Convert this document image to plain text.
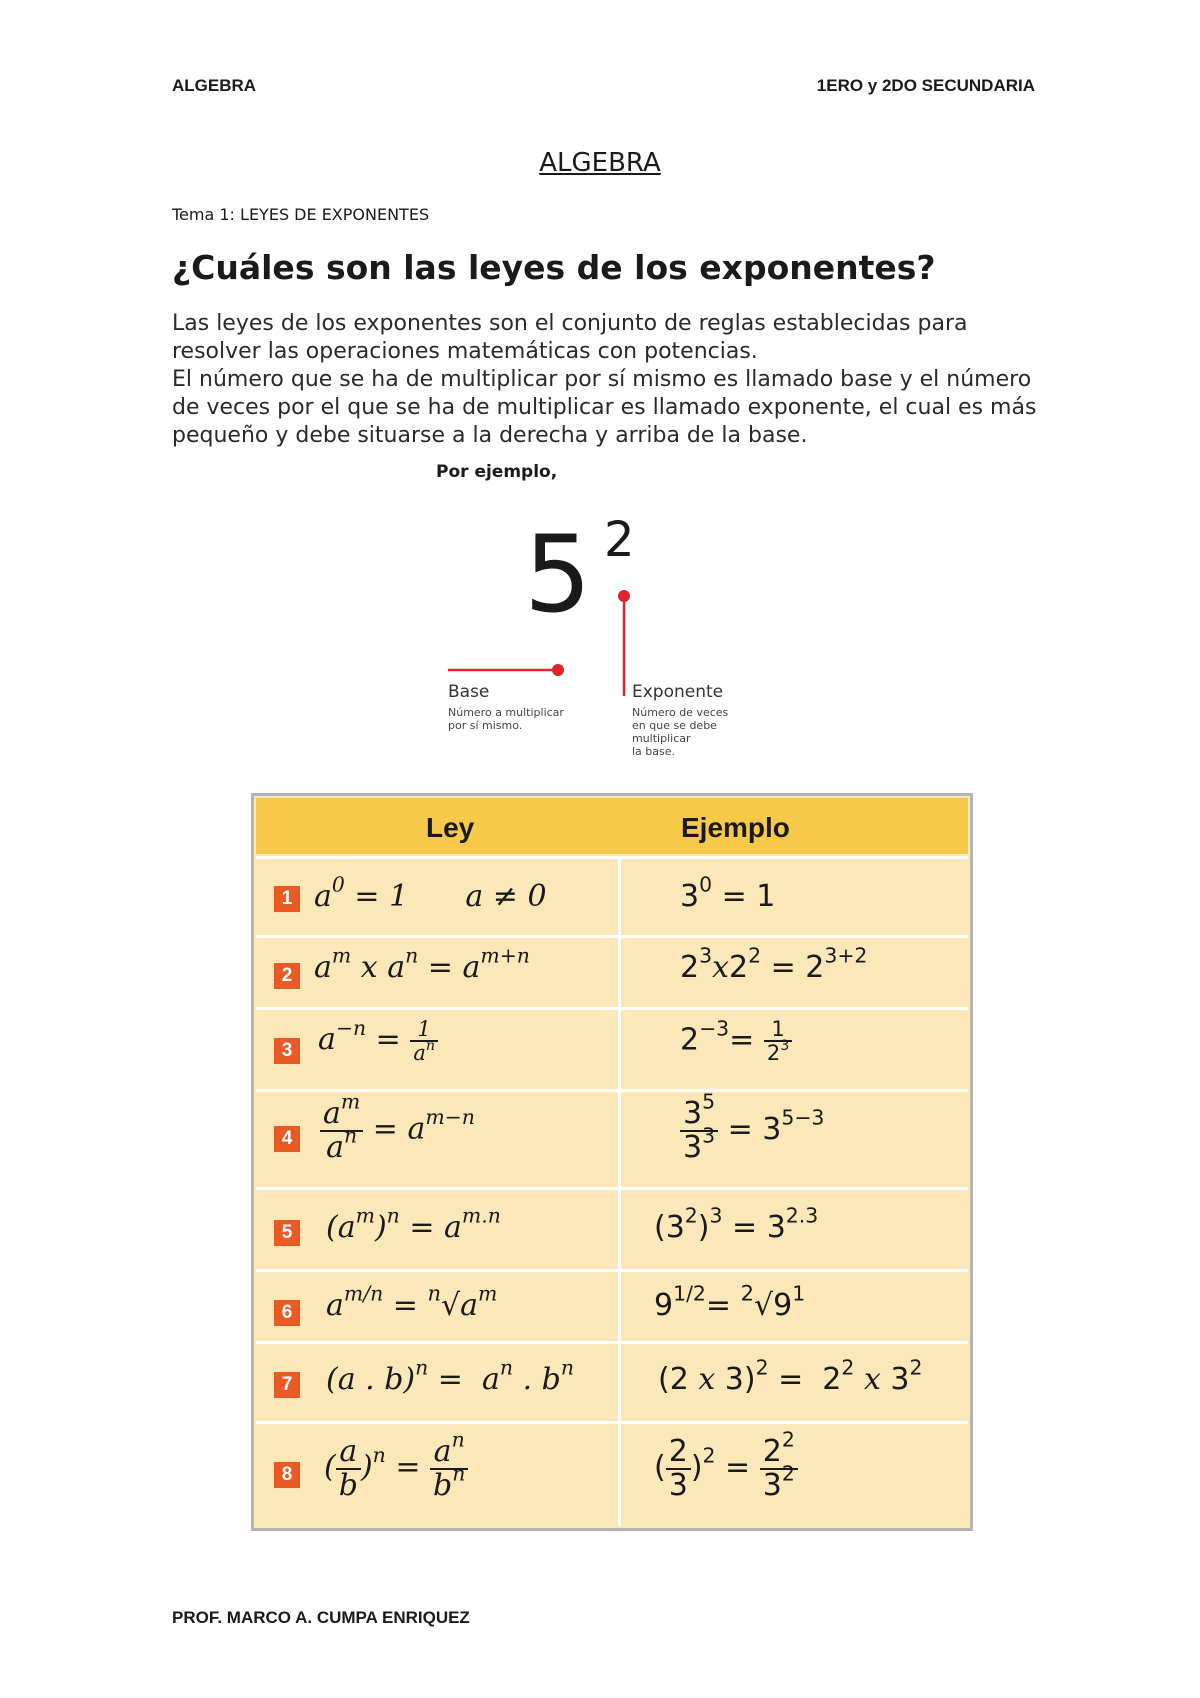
ALGEBRA	1ERO y 2DO SECUNDARIA
ALGEBRA
Tema 1: LEYES DE EXPONENTES
¿Cuáles son las leyes de los exponentes?
Las leyes de los exponentes son el conjunto de reglas establecidas para resolver las operaciones matemáticas con potencias.
El número que se ha de multiplicar por sí mismo es llamado base y el número de veces por el que se ha de multiplicar es llamado exponente, el cual es más pequeño y debe situarse a la derecha y arriba de la base.
Por ejemplo,
5 2
Base
Número a multiplicar
por sí mismo.
Exponente
Número de veces
en que se debe
multiplicar
la base.
Ley	Ejemplo
1 $a^0 = 1$      a ≠ 0	$3^0 = 1$
2 $a^m$ x $a^n = a^{m+n}$	$2^3x2^2 = 2^{3+2}$
3 $a^{-n} = \frac{1}{a^n}$	$2^{-3}= \frac{1}{2^3}$
$4 \frac{a^m}{a^n} = a^{m-n}$	$\frac{3^5}{3^3} = 3^{5-3}$
5 $(a^m)^n = a^{m.n}$	$(3^2)^3 = 3^{2.3}$
6 $a^{m/n} = ^n√a^m$	$9^{1/2}= ^2√9^1$
7 (a . $b)^n = a^n$ . $b^n$	(2 x $3)^2 = 2^2$ x $3^2$
8 ( $\frac{a}{b} )^n = \frac{a^n}{b^n}$	( $\frac{2}{3} )^2 = \frac{2^2}{3^2}$
PROF. MARCO A. CUMPA ENRIQUEZ
